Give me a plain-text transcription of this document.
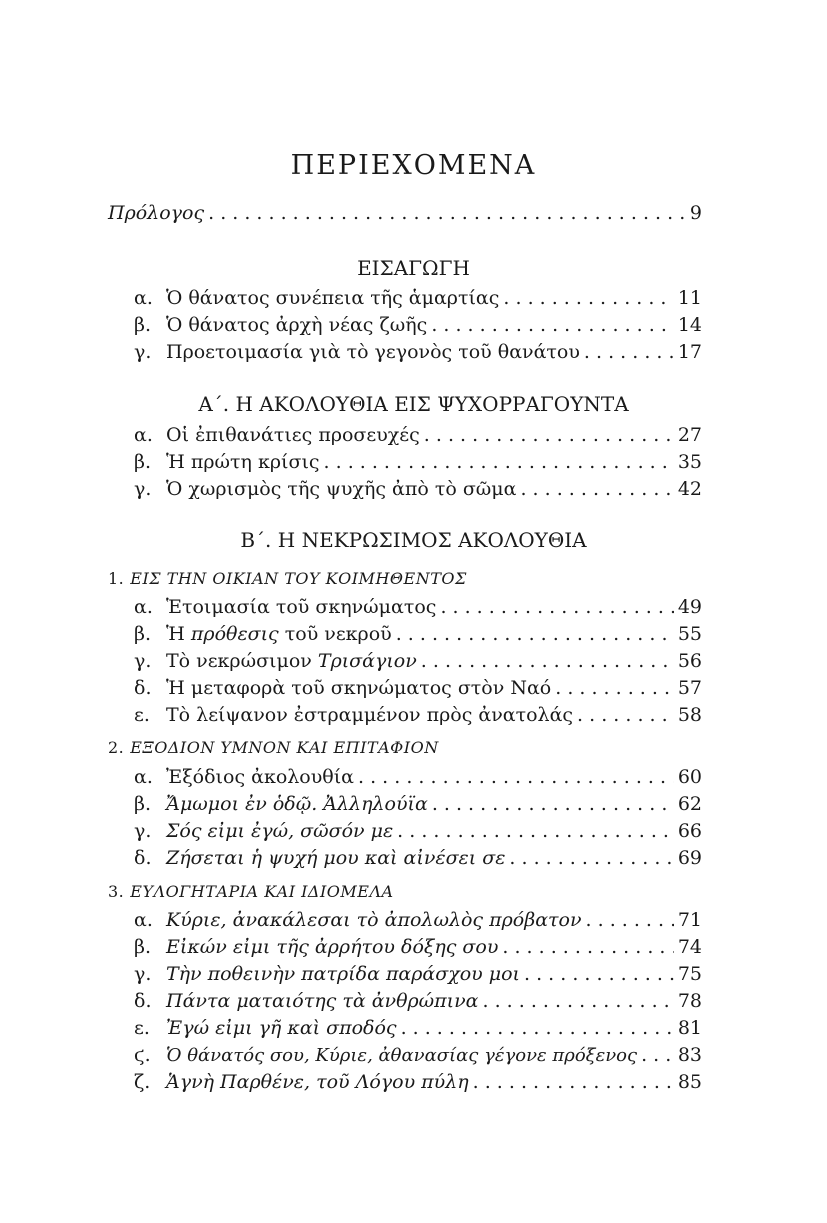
ΠΕΡΙΕΧΟΜΕΝΑ
Πρόλογος . . .	9
ΕΙΣΑΓΩΓΗ
α. Ὁ θάνατος συνέπεια τῆς ἁμαρτίας . . .	11
β. Ὁ θάνατος ἀρχὴ νέας ζωῆς . . .	14
γ. Προετοιμασία γιὰ τὸ γεγονὸς τοῦ θανάτου . . .	17
Α΄. Η ΑΚΟΛΟΥΘΙΑ ΕΙΣ ΨΥΧΟΡΡΑΓΟΥΝΤΑ
α. Οἱ ἐπιθανάτιες προσευχές . . .	27
β. Ἡ πρώτη κρίσις . . .	35
γ. Ὁ χωρισμὸς τῆς ψυχῆς ἀπὸ τὸ σῶμα . . .	42
Β΄. Η ΝΕΚΡΩΣΙΜΟΣ ΑΚΟΛΟΥΘΙΑ
1. ΕΙΣ ΤΗΝ ΟΙΚΙΑΝ ΤΟΥ ΚΟΙΜΗΘΕΝΤΟΣ
α. Ἑτοιμασία τοῦ σκηνώματος . . .	49
β. Ἡ πρόθεσις τοῦ νεκροῦ . . .	55
γ. Τὸ νεκρώσιμον Τρισάγιον . . .	56
δ. Ἡ μεταφορὰ τοῦ σκηνώματος στὸν Ναό . . .	57
ε. Τὸ λείψανον ἐστραμμένον πρὸς ἀνατολάς . . .	58
2. ΕΞΟΔΙΟΝ ΥΜΝΟΝ ΚΑΙ ΕΠΙΤΑΦΙΟΝ
α. Ἐξόδιος ἀκολουθία . . .	60
β. Ἄμωμοι ἐν ὁδῷ. Ἀλληλούϊα . . .	62
γ. Σός εἰμι ἐγώ, σῶσόν με . . .	66
δ. Ζήσεται ἡ ψυχή μου καὶ αἰνέσει σε . . .	69
3. ΕΥΛΟΓΗΤΑΡΙΑ ΚΑΙ ΙΔΙΟΜΕΛΑ
α. Κύριε, ἀνακάλεσαι τὸ ἀπολωλὸς πρόβατον . . .	71
β. Εἰκών εἰμι τῆς ἀρρήτου δόξης σου . . .	74
γ. Τὴν ποθεινὴν πατρίδα παράσχου μοι . . .	75
δ. Πάντα ματαιότης τὰ ἀνθρώπινα . . .	78
ε. Ἐγώ εἰμι γῆ καὶ σποδός . . .	81
ϛ. Ὁ θάνατός σου, Κύριε, ἀθανασίας γέγονε πρόξενος . . . 83
ζ. Ἁγνὴ Παρθένε, τοῦ Λόγου πύλη . . .	85
